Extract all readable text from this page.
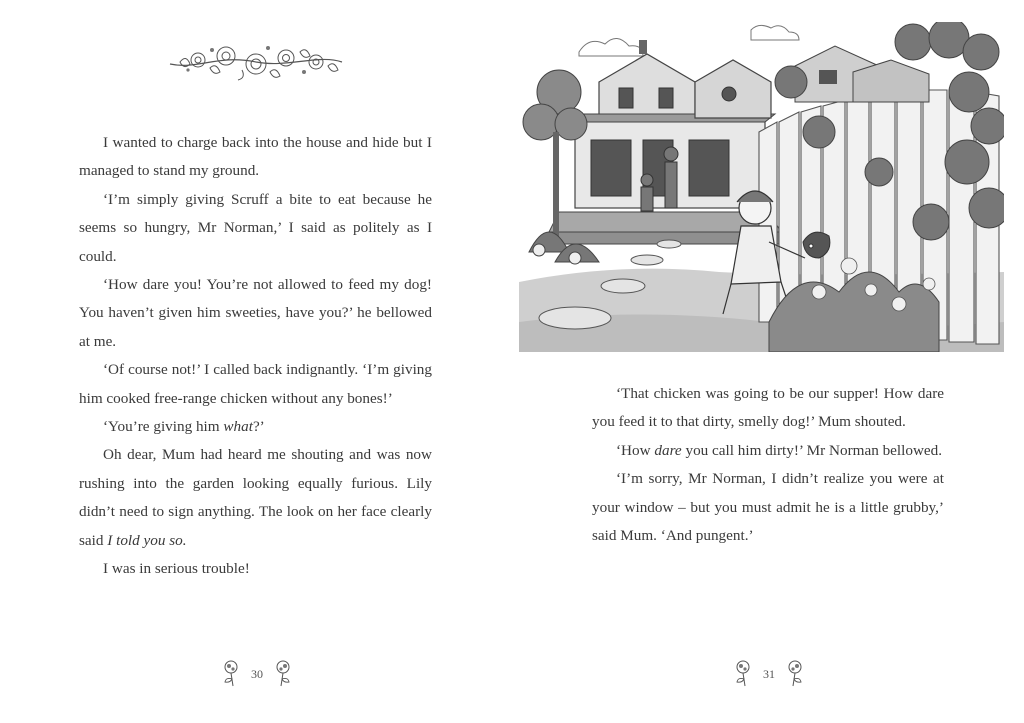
I wanted to charge back into the house and hide but I managed to stand my ground.

‘I’m simply giving Scruff a bite to eat because he seems so hungry, Mr Norman,’ I said as politely as I could.

‘How dare you! You’re not allowed to feed my dog! You haven’t given him sweeties, have you?’ he bellowed at me.

‘Of course not!’ I called back indignantly. ‘I’m giving him cooked free-range chicken without any bones!’

‘You’re giving him what?’

Oh dear, Mum had heard me shouting and was now rushing into the garden looking equally furious. Lily didn’t need to sign anything. The look on her face clearly said I told you so.

I was in serious trouble!

30

‘That chicken was going to be our supper! How dare you feed it to that dirty, smelly dog!’ Mum shouted.

‘How dare you call him dirty!’ Mr Norman bellowed.

‘I’m sorry, Mr Norman, I didn’t realize you were at your window – but you must admit he is a little grubby,’ said Mum. ‘And pungent.’

31
